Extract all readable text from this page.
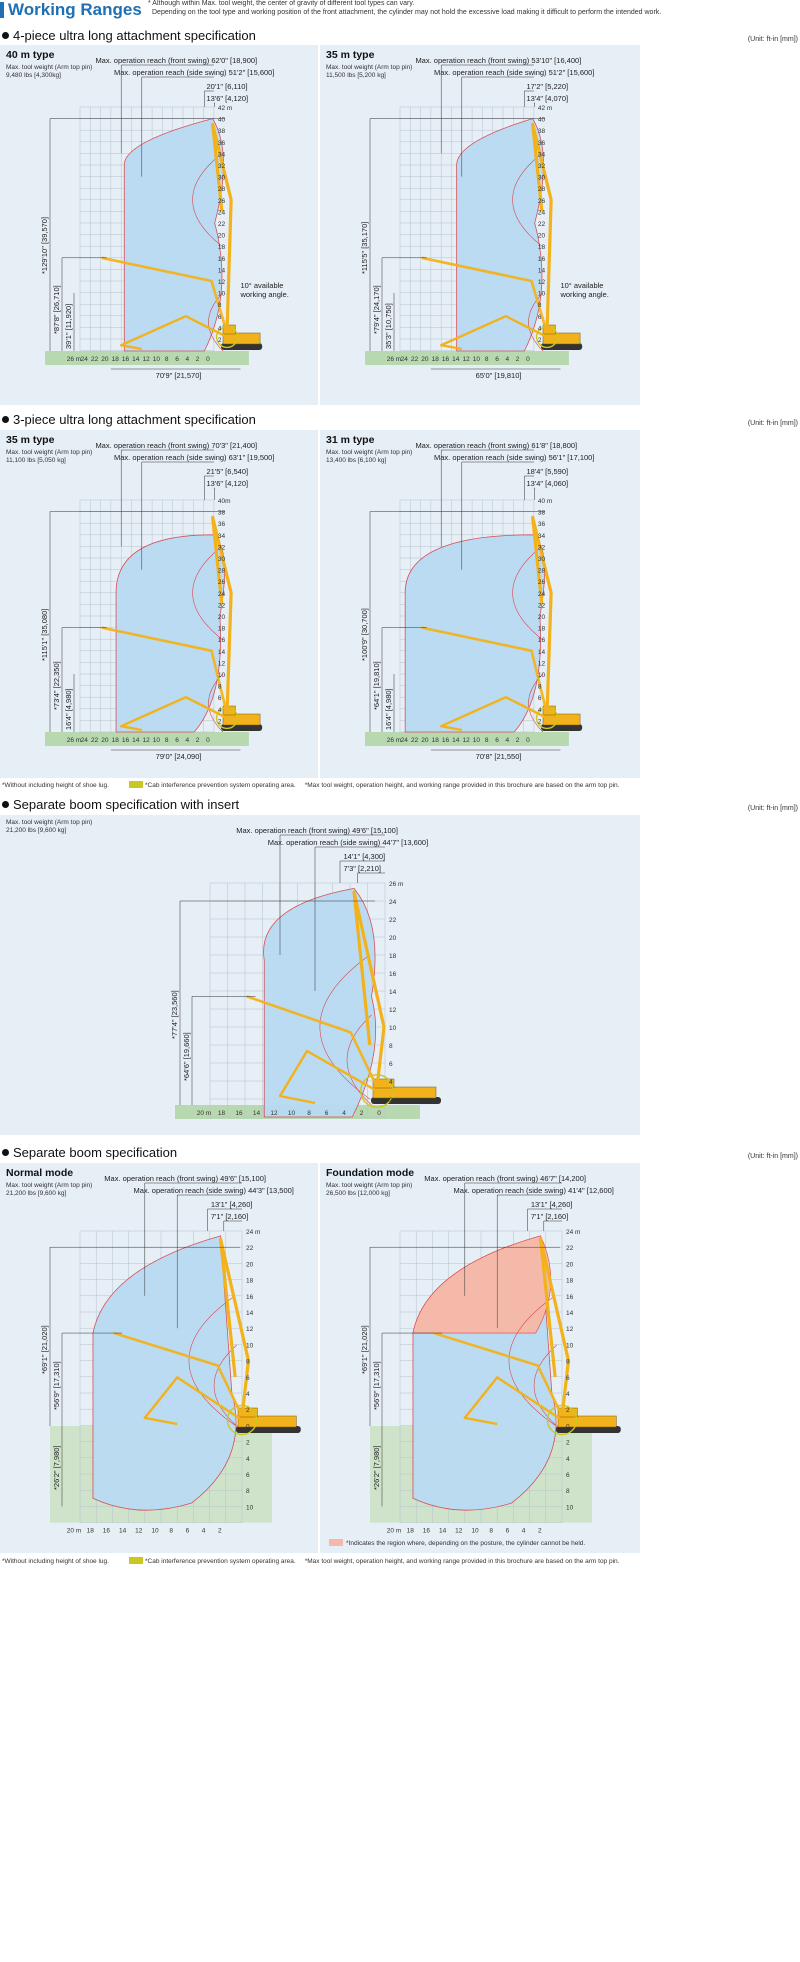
Working Ranges * Although within Max. tool weight, the center of gravity of different tool types can vary.
Depending on the tool type and working position of the front attachment, the cylinder may not hold the excessive load making it difficult to perform the intended work.
4-piece ultra long attachment specification	(Unit: ft-in [mm])
40 m type
Max. tool weight (Arm top pin)
9,480 lbs [4,300kg]
26 m 24 22 20 18 16 14 12 10 8 6 4 2 0
42 m
40
38
36
34
32
30
28
26
24
22
20
18
16
14
12
10
8
6
4
2
Max. operation reach (front swing) 62'0" [18,900]
Max. operation reach (side swing) 51'2" [15,600]
20'1" [6,110]
13'6" [4,120]
*129'10" [39,570]
*87'8" [26,710] 39'1" [11,920]
70'9" [21,570]
10° available
working angle.
35 m type
Max. tool weight (Arm top pin)
11,500 lbs [5,200 kg]
26 m 24 22 20 18 16 14 12 10 8 6 4 2 0
42 m
40
38
36
34
32
30
28
26
24
22
20
18
16
14
12
10
8
6
4
2
Max. operation reach (front swing) 53'10" [16,400]
Max. operation reach (side swing) 51'2" [15,600]
17'2" [5,220]
13'4" [4,070]
*115'5" [35,170]
*79'4" [24,170] 35'3" [10,750]
65'0" [19,810]
10° available
working angle.
3-piece ultra long attachment specification	(Unit: ft-in [mm])
35 m type
Max. tool weight (Arm top pin)
11,100 lbs [5,050 kg]
26 m 24 22 20 18 16 14 12 10 8 6 4 2 0
40m
38
36
34
32
30
28
26
24
22
20
18
16
14
12
10
8
6
4
2
Max. operation reach (front swing) 70'3" [21,400]
Max. operation reach (side swing) 63'1" [19,500]
21'5" [6,540]
13'6" [4,120]
*115'1" [35,080]
*73'4" [22,350] 16'4" [4,980]
79'0" [24,090]
31 m type
Max. tool weight (Arm top pin)
13,400 lbs [6,100 kg]
26 m 24 22 20 18 16 14 12 10 8 6 4 2 0
40 m
38
36
34
32
30
28
26
24
22
20
18
16
14
12
10
8
6
4
2
Max. operation reach (front swing) 61'8" [18,800]
Max. operation reach (side swing) 56'1" [17,100]
18'4" [5,590]
13'4" [4,060]
*100'9" [30,700]
*64'1" [19,810] 16'4" [4,980]
70'8" [21,550]
*Without including height of shoe lug.	*Cab interference prevention system operating area. *Max tool weight, operation height, and working range provided in this brochure are based on the arm top pin.
Separate boom specification with insert	(Unit: ft-in [mm])
Max. tool weight (Arm top pin)
21,200 lbs [9,600 kg]
20 m 18 16 14 12 10 8 6 4 2 0
26 m
24
22
20
18
16
14
12
10
8
6
4
2
Max. operation reach (front swing) 49'6" [15,100]
Max. operation reach (side swing) 44'7" [13,600]
14'1" [4,300]
7'3" [2,210]
*77'4" [23,560]
*64'6" [19,660]
Separate boom specification	(Unit: ft-in [mm])
Normal mode
Max. tool weight (Arm top pin)
21,200 lbs [9,600 kg]
20 m 18 16 14 12 10 8 6 4 2
24 m
22
20
18
16
14
12
10
8
6
4
2
0
2
4
6
8
10
Max. operation reach (front swing) 49'6" [15,100]
Max. operation reach (side swing) 44'3" [13,500]
13'1" [4,260]
7'1" [2,160]
*69'1" [21,020]
*56'9" [17,310]
*26'2" [7,980]
Foundation mode
Max. tool weight (Arm top pin)
26,500 lbs [12,000 kg]
20 m 18 16 14 12 10 8 6 4 2
24 m
22
20
18
16
14
12
10
8
6
4
2
0
2
4
6
8
10
Max. operation reach (front swing) 46'7" [14,200]
Max. operation reach (side swing) 41'4" [12,600]
13'1" [4,260]
7'1" [2,160]
*69'1" [21,020]
*56'9" [17,310]
*26'2" [7,980]
*Indicates the region where, depending on the posture, the cylinder cannot be held.
*Without including height of shoe lug.	*Cab interference prevention system operating area. *Max tool weight, operation height, and working range provided in this brochure are based on the arm top pin.
